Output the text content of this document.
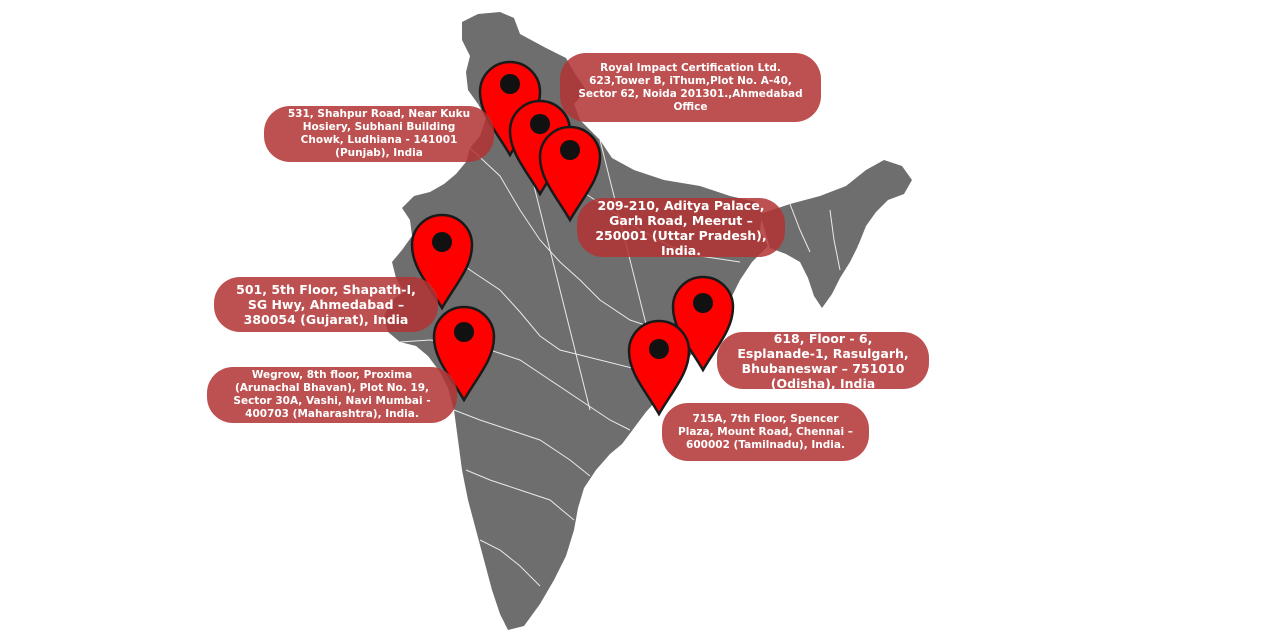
Royal Impact Certification Ltd. 623,Tower B, iThum,Plot No. A-40, Sector 62, Noida 201301.,Ahmedabad Office
531, Shahpur Road, Near Kuku Hosiery, Subhani Building Chowk, Ludhiana - 141001 (Punjab), India
209-210, Aditya Palace, Garh Road, Meerut – 250001 (Uttar Pradesh), India.
501, 5th Floor, Shapath-I, SG Hwy, Ahmedabad – 380054 (Gujarat), India
Wegrow, 8th floor, Proxima (Arunachal Bhavan), Plot No. 19, Sector 30A, Vashi, Navi Mumbai - 400703 (Maharashtra), India.
618, Floor - 6, Esplanade-1, Rasulgarh, Bhubaneswar – 751010 (Odisha), India
715A, 7th Floor, Spencer Plaza, Mount Road, Chennai – 600002 (Tamilnadu), India.
